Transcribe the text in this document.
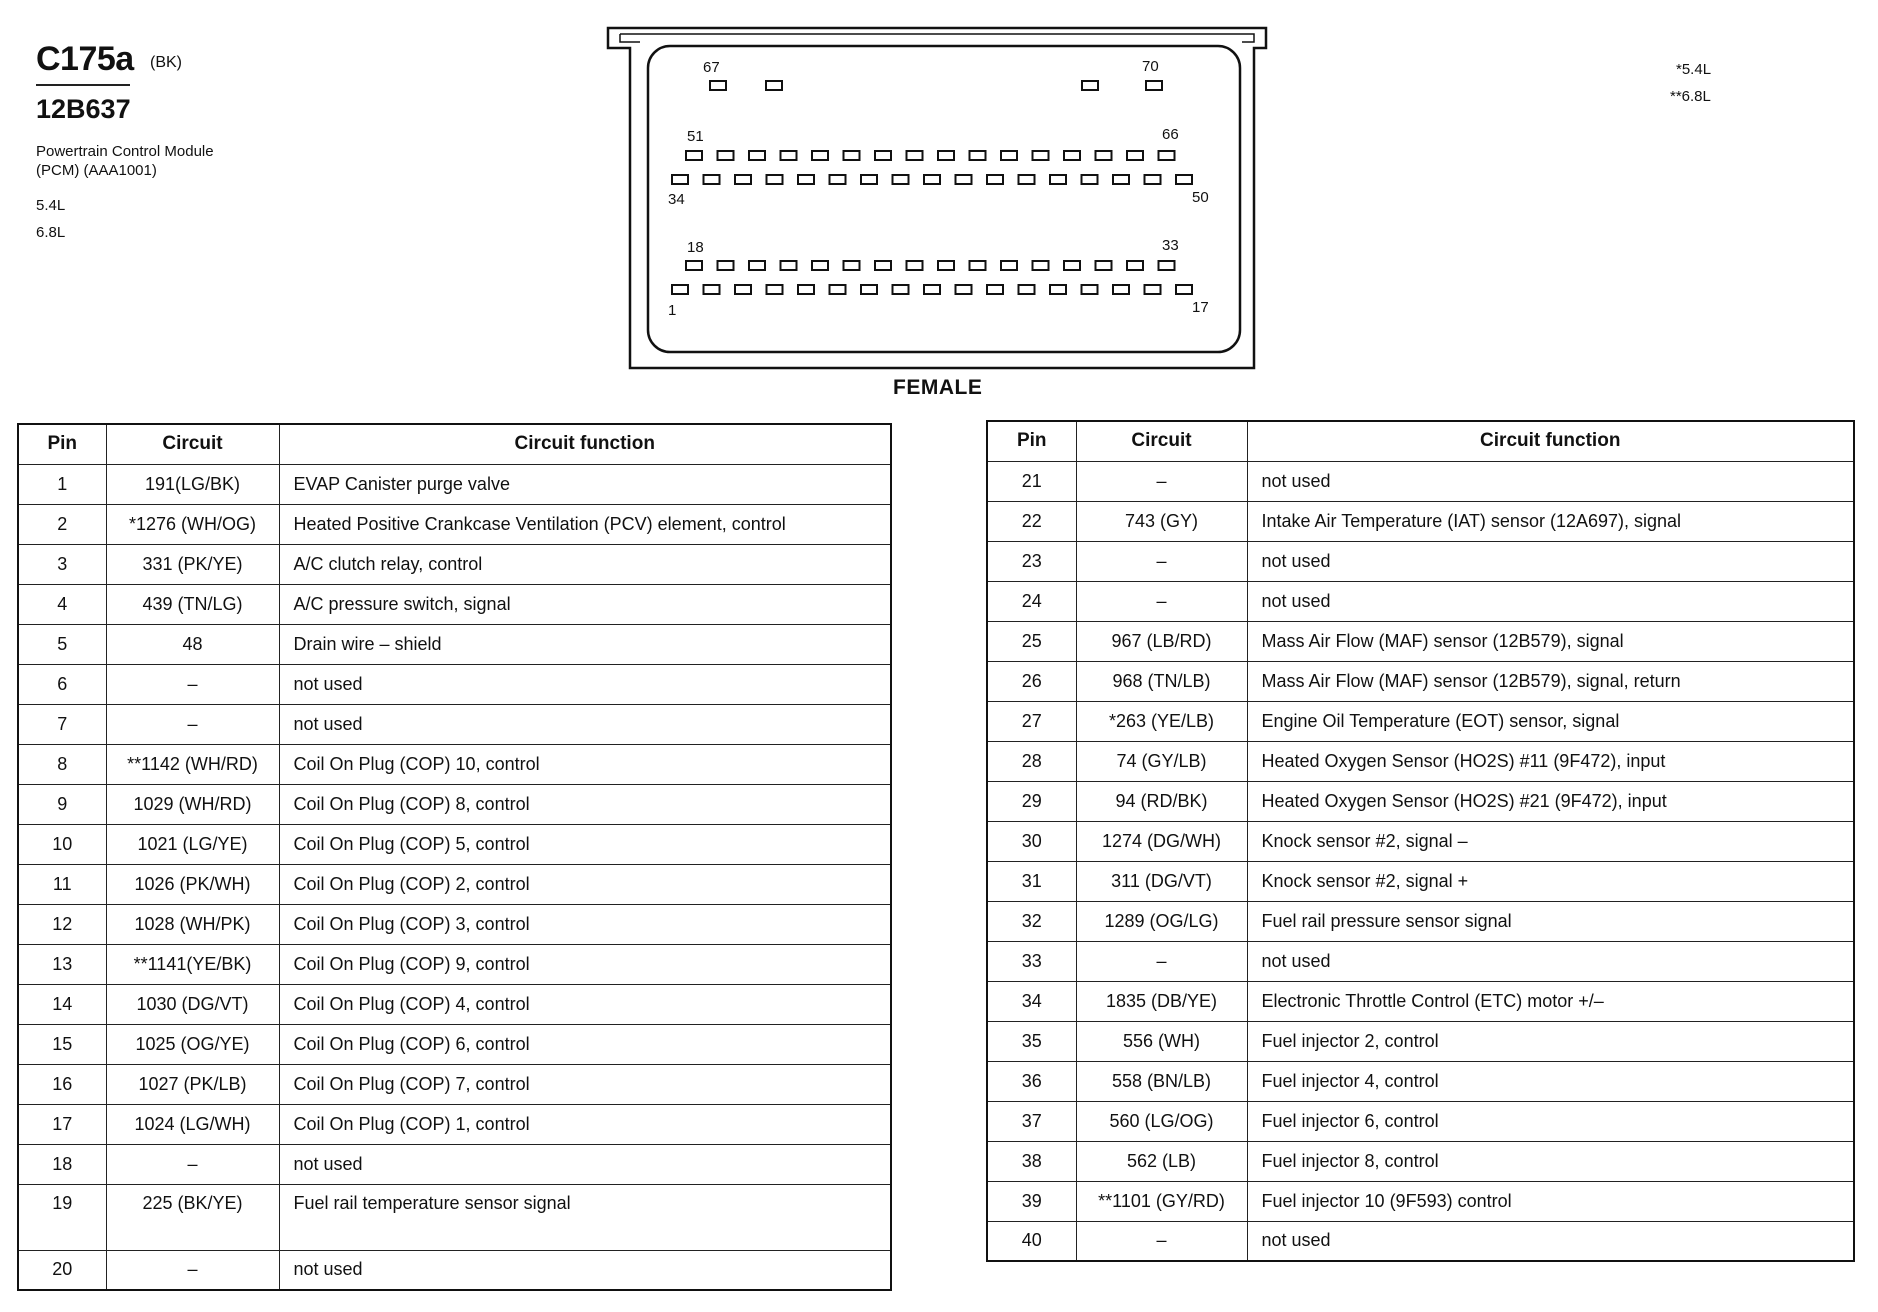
C175a (BK)
12B637
Powertrain Control Module
(PCM) (AAA1001)
5.4L
6.8L
*5.4L
**6.8L
67	70
51	66
34	50
18	33
1	17
FEMALE
Pin	Circuit	Circuit function
1	191(LG/BK)	EVAP Canister purge valve
2	*1276 (WH/OG)	Heated Positive Crankcase Ventilation (PCV) element, control
3	331 (PK/YE)	A/C clutch relay, control
4	439 (TN/LG)	A/C pressure switch, signal
5	48	Drain wire – shield
6	–	not used
7	–	not used
8	**1142 (WH/RD)	Coil On Plug (COP) 10, control
9	1029 (WH/RD)	Coil On Plug (COP) 8, control
10	1021 (LG/YE)	Coil On Plug (COP) 5, control
11	1026 (PK/WH)	Coil On Plug (COP) 2, control
12	1028 (WH/PK)	Coil On Plug (COP) 3, control
13	**1141(YE/BK)	Coil On Plug (COP) 9, control
14	1030 (DG/VT)	Coil On Plug (COP) 4, control
15	1025 (OG/YE)	Coil On Plug (COP) 6, control
16	1027 (PK/LB)	Coil On Plug (COP) 7, control
17	1024 (LG/WH)	Coil On Plug (COP) 1, control
18	–	not used
19	225 (BK/YE)	Fuel rail temperature sensor signal
20	–	not used
Pin	Circuit	Circuit function
21	–	not used
22	743 (GY)	Intake Air Temperature (IAT) sensor (12A697), signal
23	–	not used
24	–	not used
25	967 (LB/RD)	Mass Air Flow (MAF) sensor (12B579), signal
26	968 (TN/LB)	Mass Air Flow (MAF) sensor (12B579), signal, return
27	*263 (YE/LB)	Engine Oil Temperature (EOT) sensor, signal
28	74 (GY/LB)	Heated Oxygen Sensor (HO2S) #11 (9F472), input
29	94 (RD/BK)	Heated Oxygen Sensor (HO2S) #21 (9F472), input
30	1274 (DG/WH)	Knock sensor #2, signal –
31	311 (DG/VT)	Knock sensor #2, signal +
32	1289 (OG/LG)	Fuel rail pressure sensor signal
33	–	not used
34	1835 (DB/YE)	Electronic Throttle Control (ETC) motor +/–
35	556 (WH)	Fuel injector 2, control
36	558 (BN/LB)	Fuel injector 4, control
37	560 (LG/OG)	Fuel injector 6, control
38	562 (LB)	Fuel injector 8, control
39	**1101 (GY/RD)	Fuel injector 10 (9F593) control
40	–	not used
